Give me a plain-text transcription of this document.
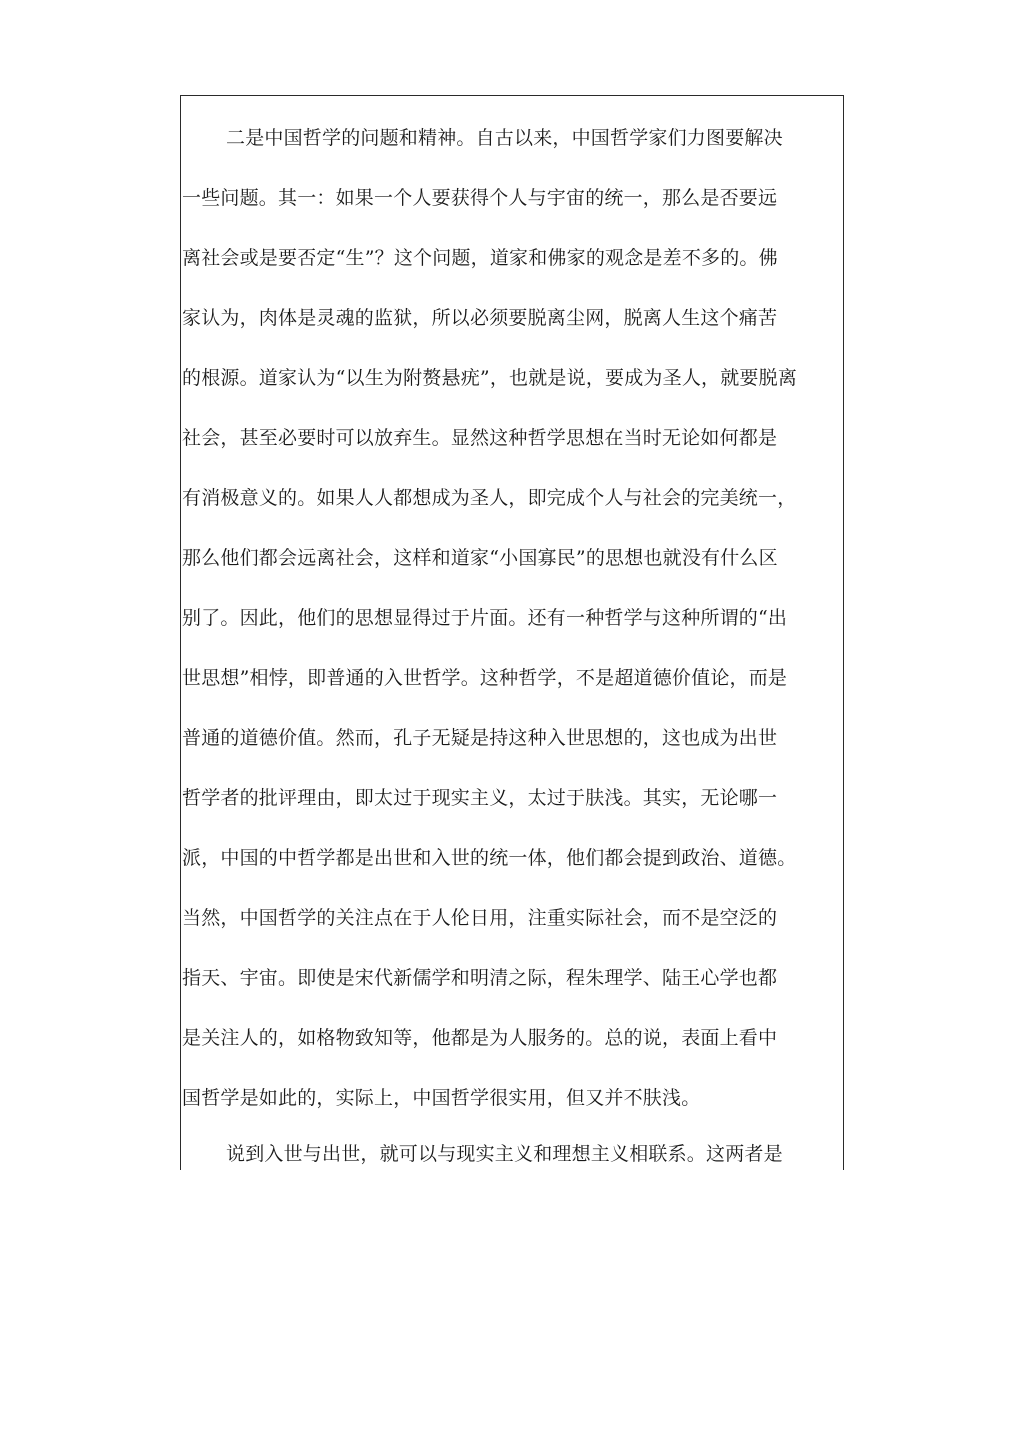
二是中国哲学的问题和精神。自古以来，中国哲学家们力图要解决
一些问题。其一：如果一个人要获得个人与宇宙的统一，那么是否要远
离社会或是要否定“生”？这个问题，道家和佛家的观念是差不多的。佛
家认为，肉体是灵魂的监狱，所以必须要脱离尘网，脱离人生这个痛苦
的根源。道家认为“以生为附赘悬疣”，也就是说，要成为圣人，就要脱离
社会，甚至必要时可以放弃生。显然这种哲学思想在当时无论如何都是
有消极意义的。如果人人都想成为圣人，即完成个人与社会的完美统一，
那么他们都会远离社会，这样和道家“小国寡民”的思想也就没有什么区
别了。因此，他们的思想显得过于片面。还有一种哲学与这种所谓的“出
世思想”相悖，即普通的入世哲学。这种哲学，不是超道德价值论，而是
普通的道德价值。然而，孔子无疑是持这种入世思想的，这也成为出世
哲学者的批评理由，即太过于现实主义，太过于肤浅。其实，无论哪一
派，中国的中哲学都是出世和入世的统一体，他们都会提到政治、道德。
当然，中国哲学的关注点在于人伦日用，注重实际社会，而不是空泛的
指天、宇宙。即使是宋代新儒学和明清之际，程朱理学、陆王心学也都
是关注人的，如格物致知等，他都是为人服务的。总的说，表面上看中
国哲学是如此的，实际上，中国哲学很实用，但又并不肤浅。
说到入世与出世，就可以与现实主义和理想主义相联系。这两者是
